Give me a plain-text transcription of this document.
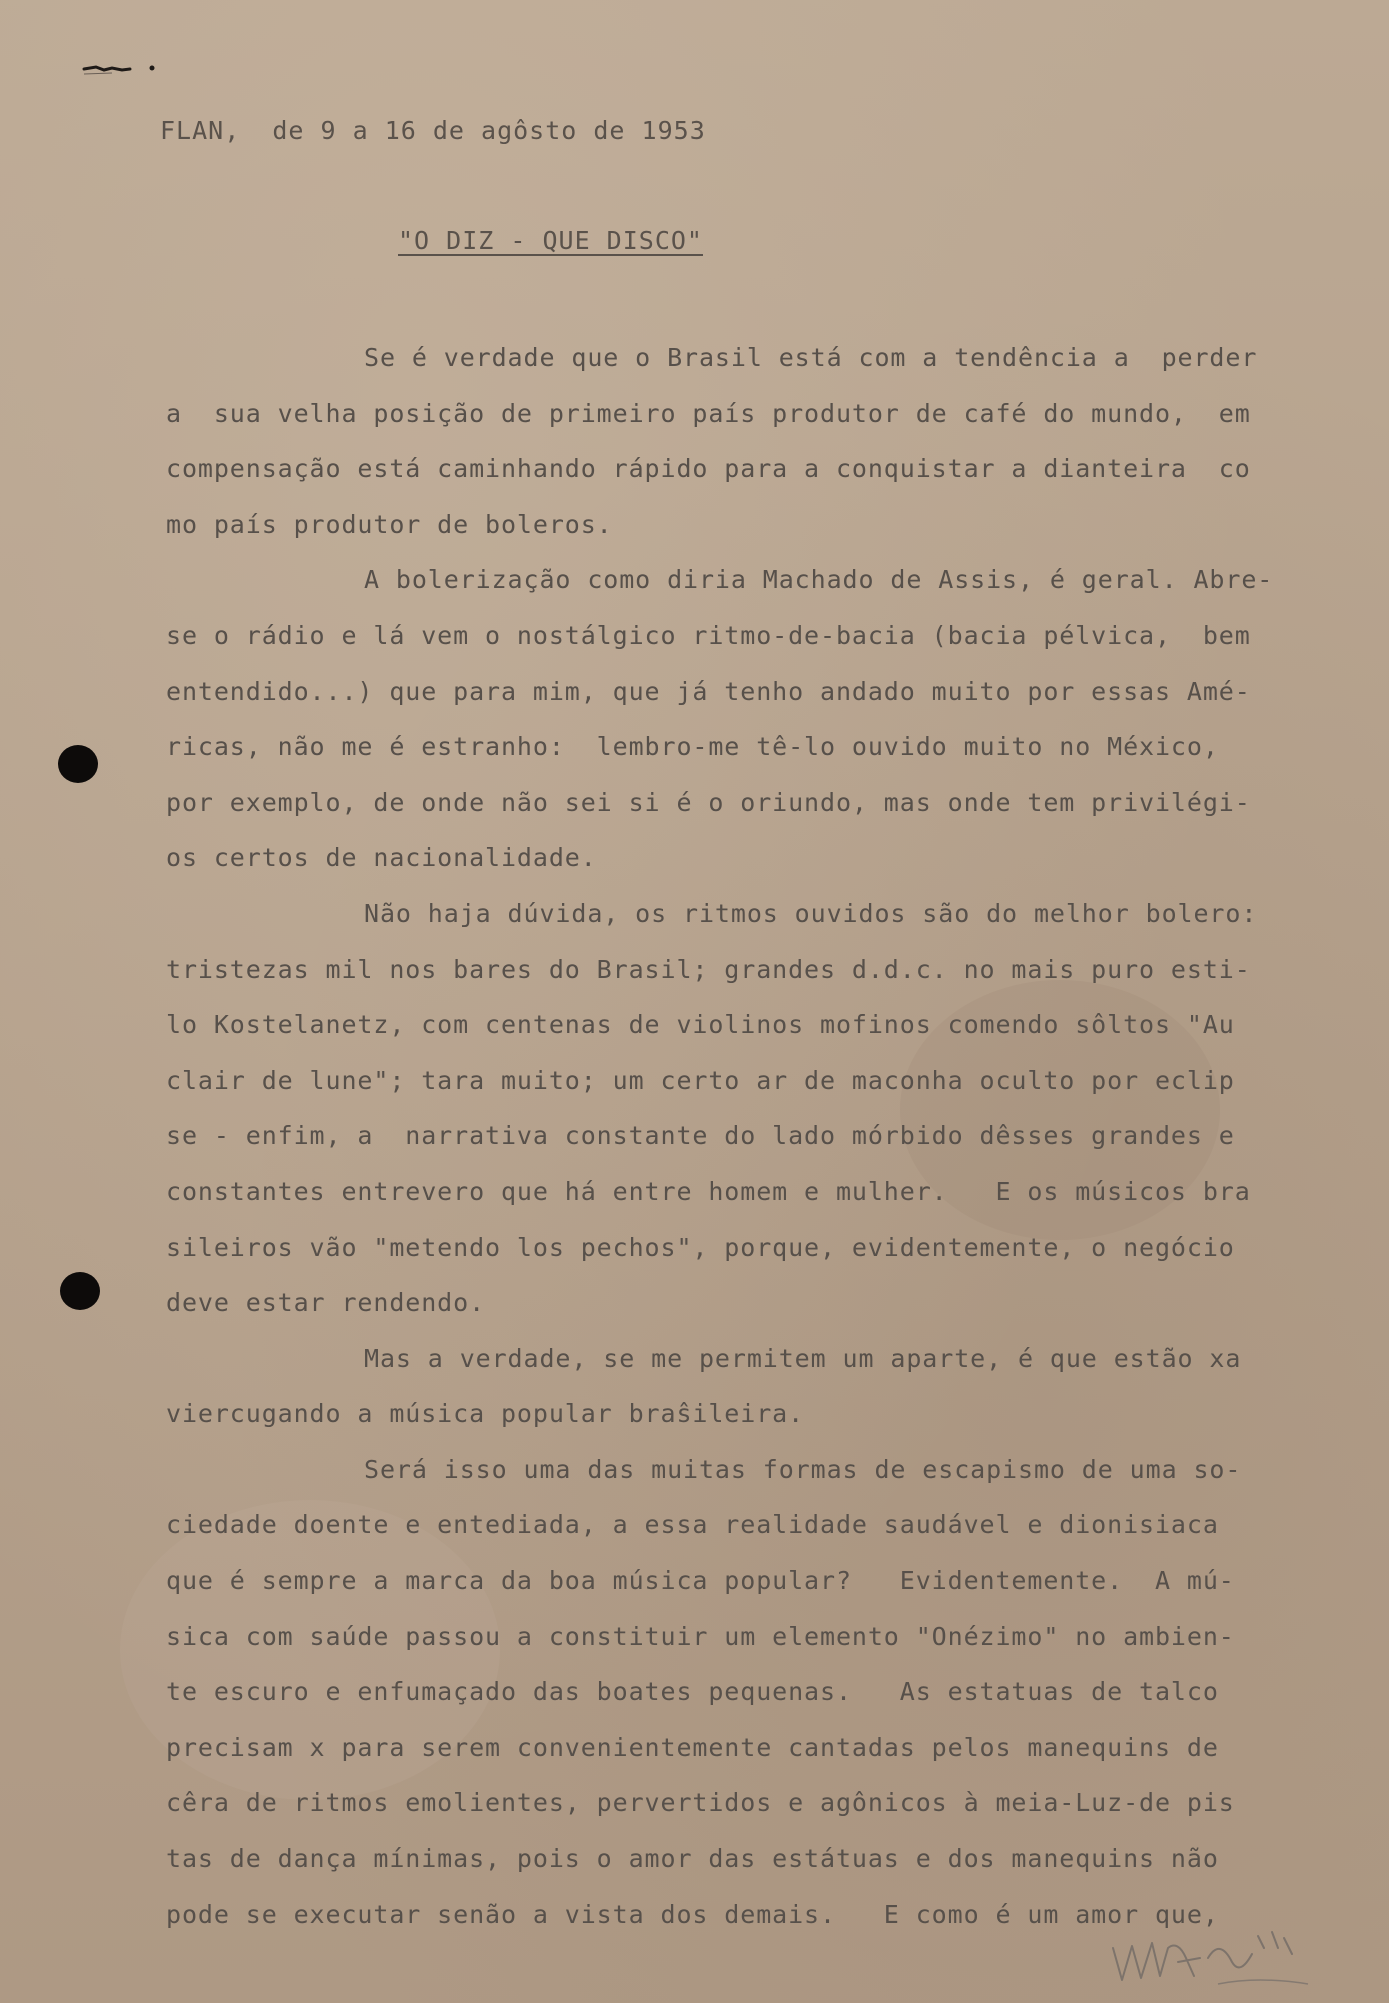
FLAN,  de 9 a 16 de agôsto de 1953
"O DIZ - QUE DISCO"
Se é verdade que o Brasil está com a tendência a  perder
a  sua velha posição de primeiro país produtor de café do mundo,  em
compensação está caminhando rápido para a conquistar a dianteira  co
mo país produtor de boleros.
A bolerização como diria Machado de Assis, é geral. Abre-
se o rádio e lá vem o nostálgico ritmo-de-bacia (bacia pélvica,  bem
entendido...) que para mim, que já tenho andado muito por essas Amé-
ricas, não me é estranho:  lembro-me tê-lo ouvido muito no México,
por exemplo, de onde não sei si é o oriundo, mas onde tem privilégi-
os certos de nacionalidade.
Não haja dúvida, os ritmos ouvidos são do melhor bolero:
tristezas mil nos bares do Brasil; grandes d.d.c. no mais puro esti-
lo Kostelanetz, com centenas de violinos mofinos comendo sôltos "Au
clair de lune"; tara muito; um certo ar de maconha oculto por eclip
se - enfim, a  narrativa constante do lado mórbido dêsses grandes e
constantes entrevero que há entre homem e mulher.   E os músicos bra
sileiros vão "metendo los pechos", porque, evidentemente, o negócio
deve estar rendendo.
Mas a verdade, se me permitem um aparte, é que estão xa
viercugando a música popular braŝileira.
Será isso uma das muitas formas de escapismo de uma so-
ciedade doente e entediada, a essa realidade saudável e dionisiaca
que é sempre a marca da boa música popular?   Evidentemente.  A mú-
sica com saúde passou a constituir um elemento "Onézimo" no ambien-
te escuro e enfumaçado das boates pequenas.   As estatuas de talco
precisam x para serem convenientemente cantadas pelos manequins de
cêra de ritmos emolientes, pervertidos e agônicos à meia-Luz-de pis
tas de dança mínimas, pois o amor das estátuas e dos manequins não
pode se executar senão a vista dos demais.   E como é um amor que,
